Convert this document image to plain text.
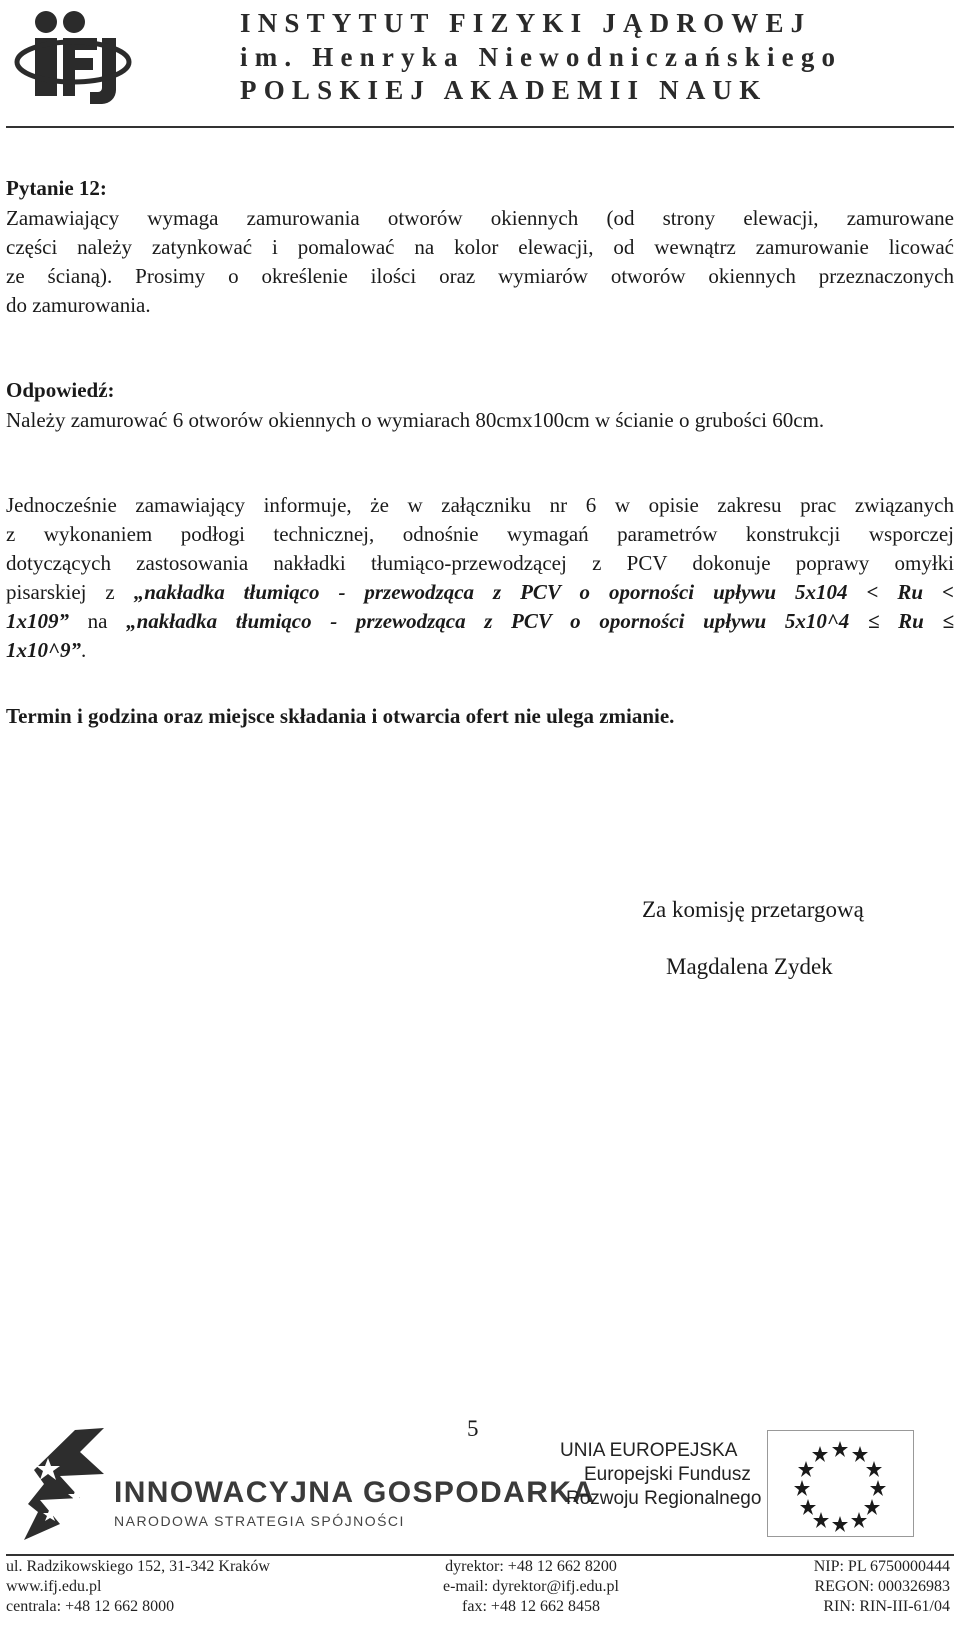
INSTYTUT FIZYKI JĄDROWEJ
im. Henryka Niewodniczańskiego
POLSKIEJ AKADEMII NAUK
Pytanie 12:
Zamawiający wymaga zamurowania otworów okiennych (od strony elewacji, zamurowane
części należy zatynkować i pomalować na kolor elewacji, od wewnątrz zamurowanie licować
ze ścianą). Prosimy o określenie ilości oraz wymiarów otworów okiennych przeznaczonych
do zamurowania.
Odpowiedź:
Należy zamurować 6 otworów okiennych o wymiarach 80cmx100cm w ścianie o grubości 60cm.
Jednocześnie zamawiający informuje, że w załączniku nr 6 w opisie zakresu prac związanych
z wykonaniem podłogi technicznej, odnośnie wymagań parametrów konstrukcji wsporczej
dotyczących zastosowania nakładki tłumiąco-przewodzącej z PCV dokonuje poprawy omyłki
pisarskiej z „nakładka tłumiąco - przewodząca z PCV o oporności upływu 5x104 < Ru <
1x109” na „nakładka tłumiąco - przewodząca z PCV o oporności upływu 5x10^4 ≤ Ru ≤
1x10^9”.
Termin i godzina oraz miejsce składania i otwarcia ofert nie ulega zmianie.
Za komisję przetargową
Magdalena Zydek
5
INNOWACYJNA GOSPODARKA
NARODOWA STRATEGIA SPÓJNOŚCI
UNIA EUROPEJSKA
Europejski Fundusz
Rozwoju Regionalnego
ul. Radzikowskiego 152, 31-342 Kraków
www.ifj.edu.pl
centrala: +48 12 662 8000
dyrektor: +48 12 662 8200
e-mail: dyrektor@ifj.edu.pl
fax: +48 12 662 8458
NIP: PL 6750000444
REGON: 000326983
RIN: RIN-III-61/04
